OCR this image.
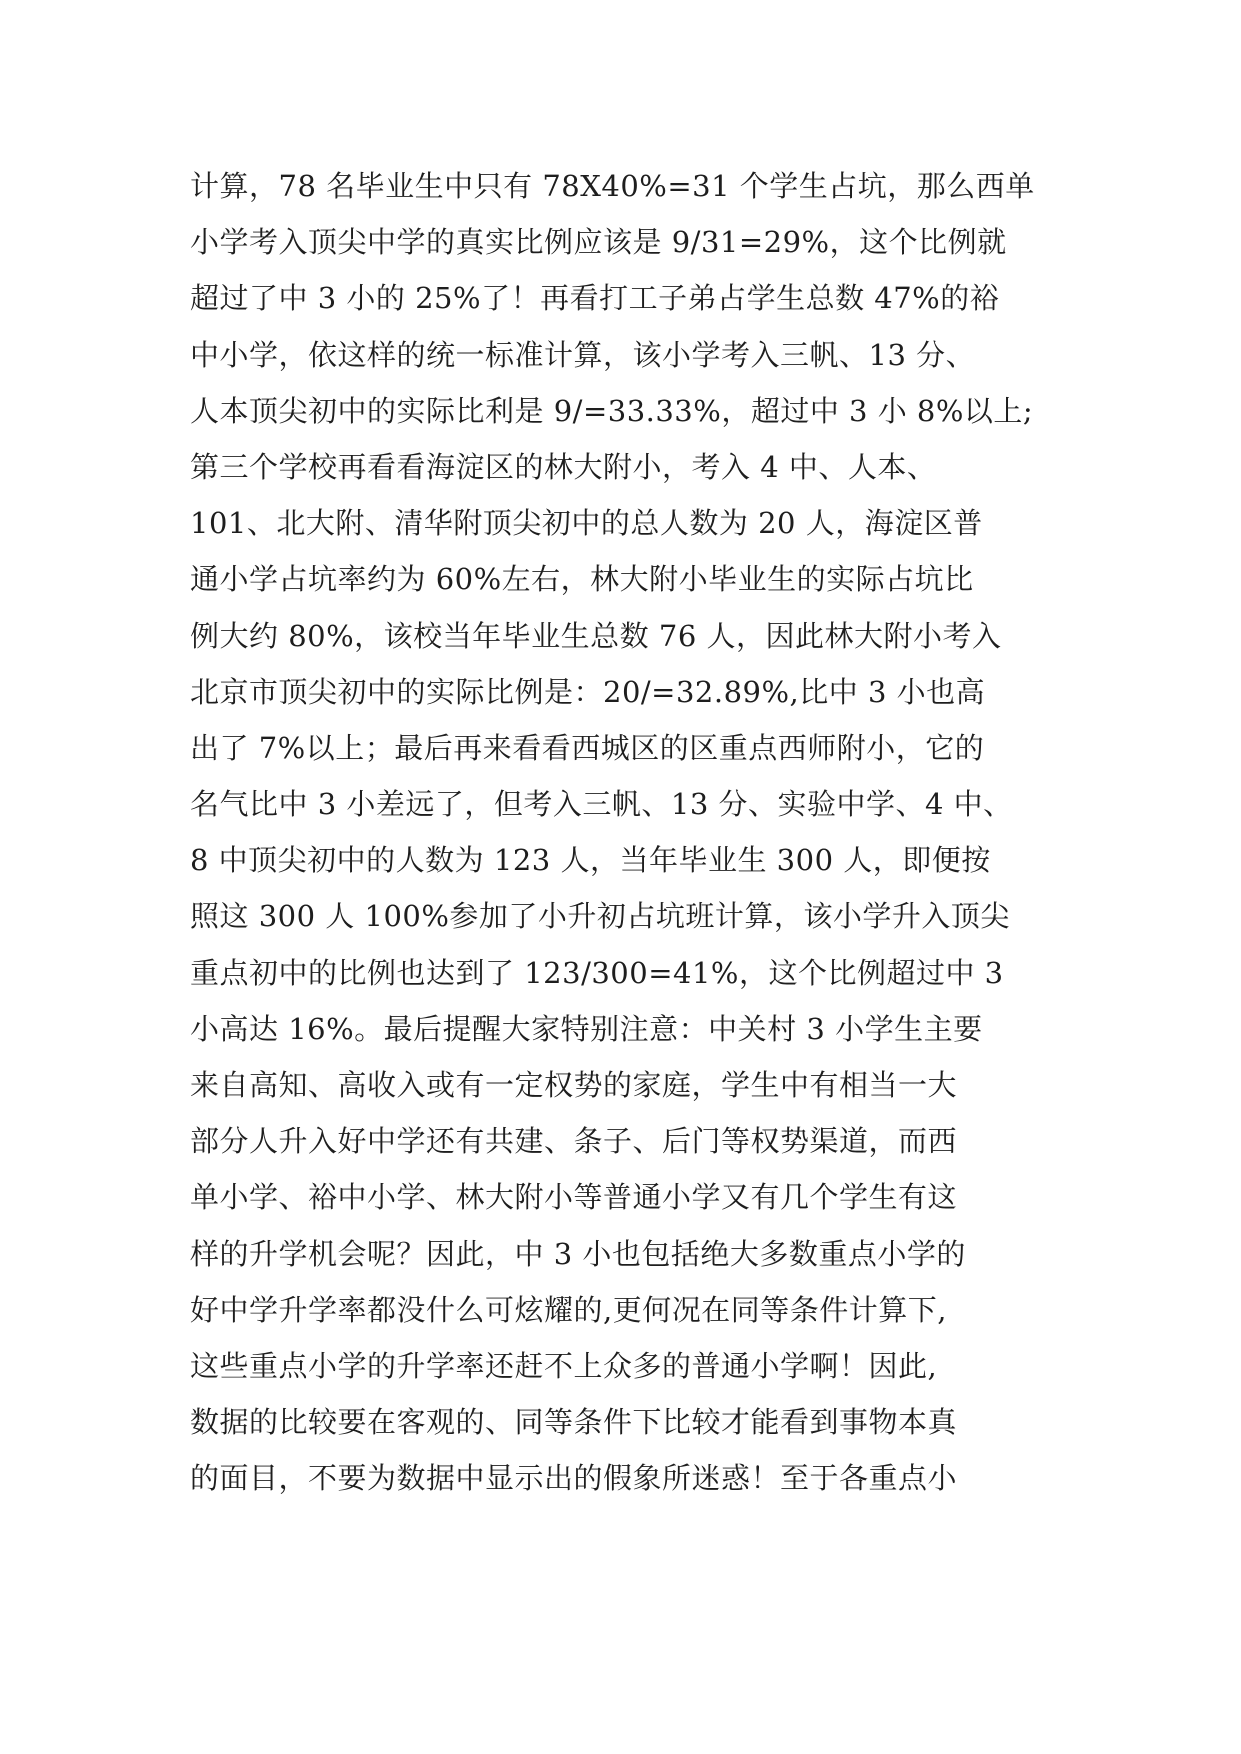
计算，78 名毕业生中只有 78X40%=31 个学生占坑，那么西单
小学考入顶尖中学的真实比例应该是 9/31=29%，这个比例就
超过了中 3 小的 25%了！再看打工子弟占学生总数 47%的裕
中小学，依这样的统一标准计算，该小学考入三帆、13 分、
人本顶尖初中的实际比利是 9/=33.33%，超过中 3 小 8%以上;
第三个学校再看看海淀区的林大附小，考入 4 中、人本、
101、北大附、清华附顶尖初中的总人数为 20 人，海淀区普
通小学占坑率约为 60%左右，林大附小毕业生的实际占坑比
例大约 80%，该校当年毕业生总数 76 人，因此林大附小考入
北京市顶尖初中的实际比例是：20/=32.89%,比中 3 小也高
出了 7%以上；最后再来看看西城区的区重点西师附小，它的
名气比中 3 小差远了，但考入三帆、13 分、实验中学、4 中、
8 中顶尖初中的人数为 123 人，当年毕业生 300 人，即便按
照这 300 人 100%参加了小升初占坑班计算，该小学升入顶尖
重点初中的比例也达到了 123/300=41%，这个比例超过中 3
小高达 16%。最后提醒大家特别注意：中关村 3 小学生主要
来自高知、高收入或有一定权势的家庭，学生中有相当一大
部分人升入好中学还有共建、条子、后门等权势渠道，而西
单小学、裕中小学、林大附小等普通小学又有几个学生有这
样的升学机会呢？因此，中 3 小也包括绝大多数重点小学的
好中学升学率都没什么可炫耀的,更何况在同等条件计算下,
这些重点小学的升学率还赶不上众多的普通小学啊！因此,
数据的比较要在客观的、同等条件下比较才能看到事物本真
的面目，不要为数据中显示出的假象所迷惑！至于各重点小
